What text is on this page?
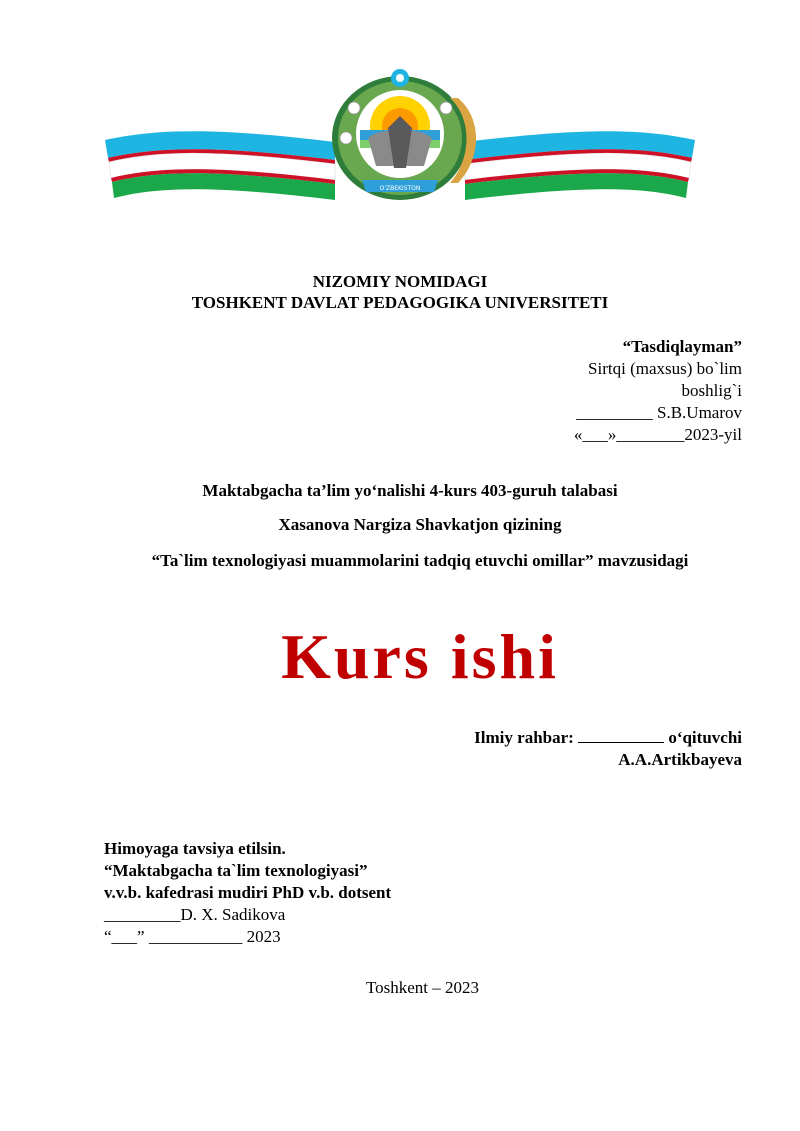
O'ZBEKISTON
NIZOMIY NOMIDAGI
TOSHKENT DAVLAT PEDAGOGIKA UNIVERSITETI
“Tasdiqlayman”
Sirtqi (maxsus) bo`lim
boshlig`i
_________ S.B.Umarov
«___»________2023-yil
Maktabgacha ta’lim yo‘nalishi 4-kurs 403-guruh talabasi
Xasanova Nargiza Shavkatjon qizining
“Ta`lim texnologiyasi muammolarini tadqiq etuvchi omillar” mavzusidagi
Kurs ishi
Ilmiy rahbar:	o‘qituvchi
A.A.Artikbayeva
Himoyaga tavsiya etilsin.
“Maktabgacha ta`lim texnologiyasi”
v.v.b. kafedrasi mudiri PhD v.b. dotsent
_________D. X. Sadikova
“___” ___________ 2023
Toshkent – 2023
